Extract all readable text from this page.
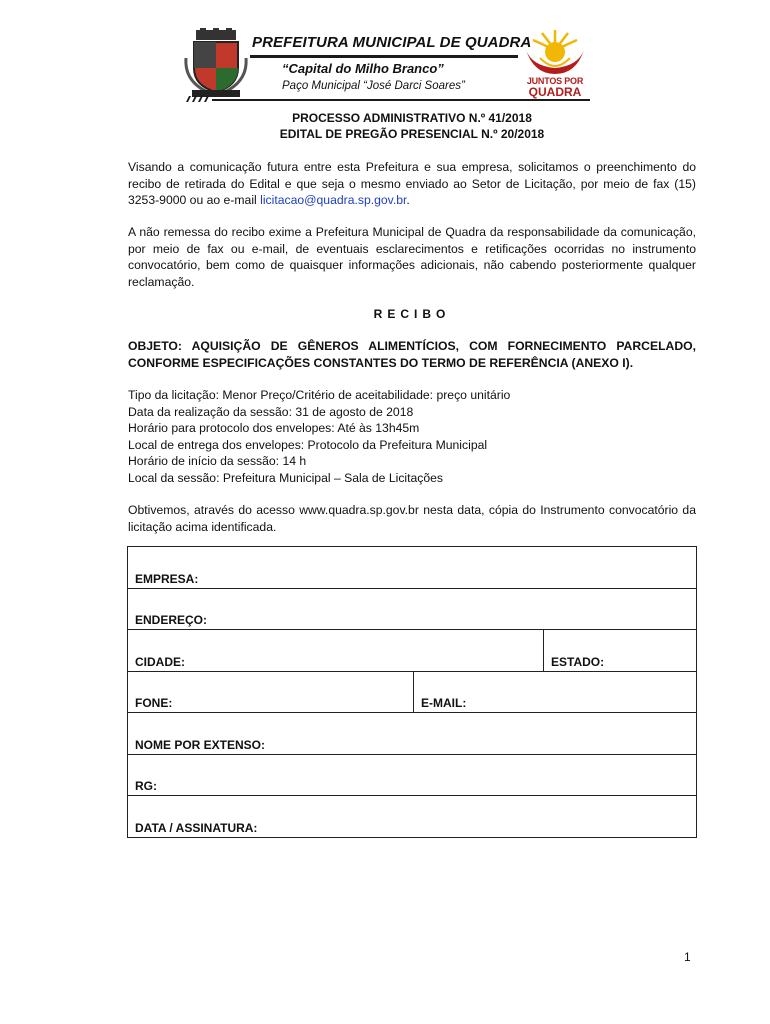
PREFEITURA MUNICIPAL DE QUADRA
“Capital do Milho Branco”
Paço Municipal “José Darci Soares”	JUNTOS POR
QUADRA
PROCESSO ADMINISTRATIVO N.º 41/2018
EDITAL DE PREGÃO PRESENCIAL N.º 20/2018
Visando a comunicação futura entre esta Prefeitura e sua empresa, solicitamos o preenchimento do recibo de retirada do Edital e que seja o mesmo enviado ao Setor de Licitação, por meio de fax (15) 3253-9000 ou ao e-mail licitacao@quadra.sp.gov.br.
A não remessa do recibo exime a Prefeitura Municipal de Quadra da responsabilidade da comunicação, por meio de fax ou e-mail, de eventuais esclarecimentos e retificações ocorridas no instrumento convocatório, bem como de quaisquer informações adicionais, não cabendo posteriormente qualquer reclamação.
RECIBO
OBJETO: AQUISIÇÃO DE GÊNEROS ALIMENTÍCIOS, COM FORNECIMENTO PARCELADO, CONFORME ESPECIFICAÇÕES CONSTANTES DO TERMO DE REFERÊNCIA (ANEXO I).
Tipo da licitação: Menor Preço/Critério de aceitabilidade: preço unitário
Data da realização da sessão: 31 de agosto de 2018
Horário para protocolo dos envelopes: Até às 13h45m
Local de entrega dos envelopes: Protocolo da Prefeitura Municipal
Horário de início da sessão: 14 h
Local da sessão: Prefeitura Municipal – Sala de Licitações
Obtivemos, através do acesso www.quadra.sp.gov.br nesta data, cópia do Instrumento convocatório da licitação acima identificada.
EMPRESA:
ENDEREÇO:
CIDADE:	ESTADO:
FONE:	E-MAIL:
NOME POR EXTENSO:
RG:
DATA / ASSINATURA:
1
